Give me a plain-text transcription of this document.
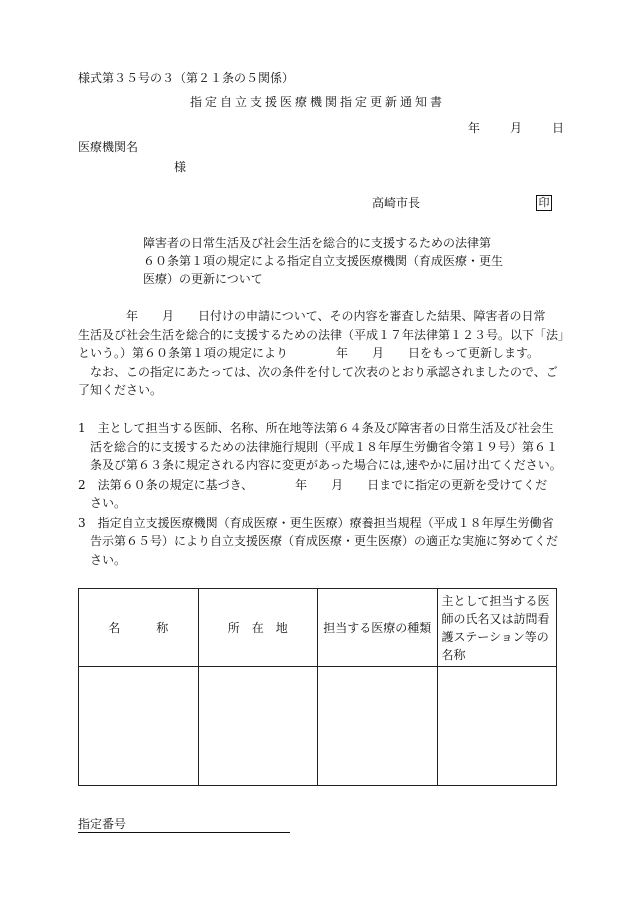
様式第３５号の３（第２１条の５関係）
指定自立支援医療機関指定更新通知書
年　　月　　日
医療機関名
様
高崎市長	印
障害者の日常生活及び社会生活を総合的に支援するための法律第
６０条第１項の規定による指定自立支援医療機関（育成医療・更生
医療）の更新について
　　　　年　　月　　日付けの申請について、その内容を審査した結果、障害者の日常
生活及び社会生活を総合的に支援するための法律（平成１７年法律第１２３号。以下「法」
という。）第６０条第１項の規定により　　　　年　　月　　日をもって更新します。
　なお、この指定にあたっては、次の条件を付して次表のとおり承認されましたので、ご
了知ください。
1　主として担当する医師、名称、所在地等法第６４条及び障害者の日常生活及び社会生
　活を総合的に支援するための法律施行規則（平成１８年厚生労働省令第１９号）第６１
　条及び第６３条に規定される内容に変更があった場合には,速やかに届け出てください。
2　法第６０条の規定に基づき、　　　　年　　月　　日までに指定の更新を受けてくだ
　さい。
3　指定自立支援医療機関（育成医療・更生医療）療養担当規程（平成１８年厚生労働省
　告示第６５号）により自立支援医療（育成医療・更生医療）の適正な実施に努めてくだ
　さい。
名　　　称	所　在　地	担当する医療の種類	主として担当する医師の氏名又は訪問看護ステーション等の名称

指定番号
